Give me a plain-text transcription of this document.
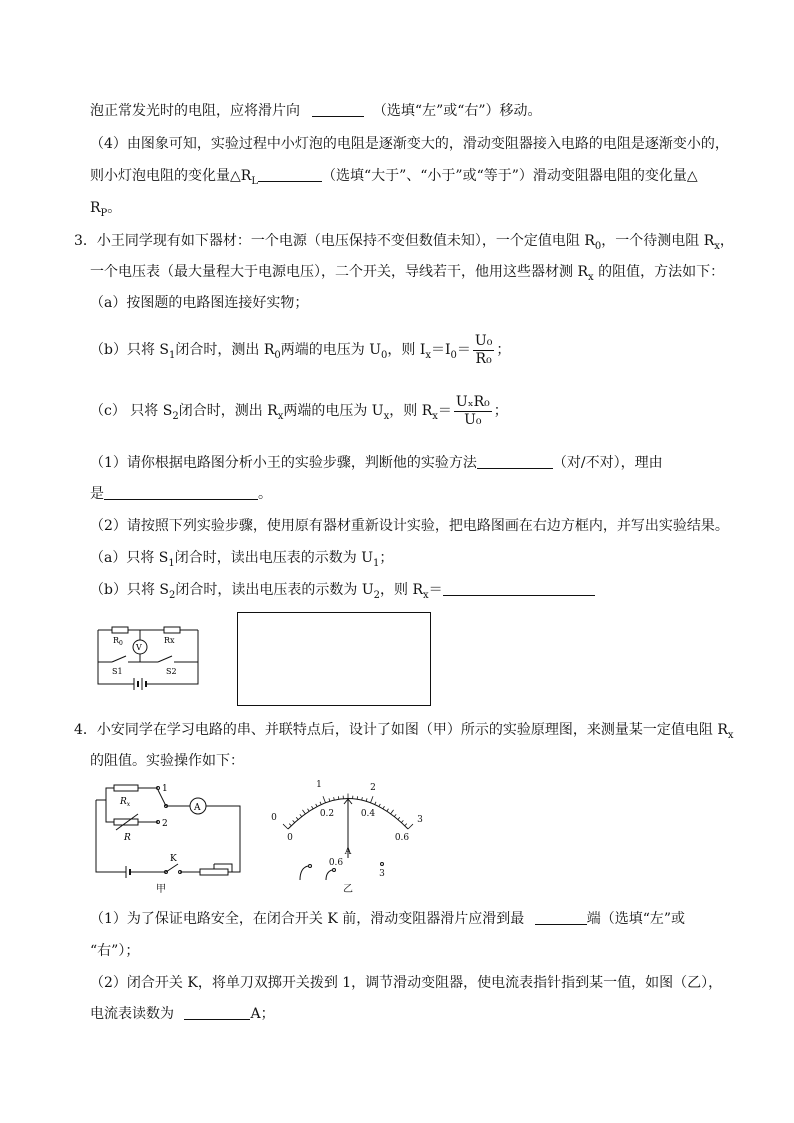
泡正常发光时的电阻，应将滑片向	（选填“左”或“右”）移动。
（4）由图象可知，实验过程中小灯泡的电阻是逐渐变大的，滑动变阻器接入电路的电阻是逐渐变小的，
则小灯泡电阻的变化量$\triangle R_L$	（选填“大于”、“小于”或“等于”）滑动变阻器电阻的变化量△
$R_P$。
3．小王同学现有如下器材：一个电源（电压保持不变但数值未知），一个定值电阻 $R_0$，一个待测电阻 $R_x$，
一个电压表（最大量程大于电源电压），二个开关，导线若干，他用这些器材测 $R_x$ 的阻值，方法如下：
（a）按图题的电路图连接好实物；
（b）只将 $S_1$闭合时，测出 $R_0$两端的电压为 $U_0$，则 $I_x=I_0= \frac{\text{U₀}}{\text{R₀}}$ ；
（c） 只将 $S_2$闭合时，测出 $R_x$两端的电压为 $U_x$，则 $R_x= \frac{\text{UₓR₀}}{\text{U₀}}$ ；
（1）请你根据电路图分析小王的实验步骤，判断他的实验方法	（对/不对），理由
是	。
（2）请按照下列实验步骤，使用原有器材重新设计实验，把电路图画在右边方框内，并写出实验结果。
（a）只将 $S_1$闭合时，读出电压表的示数为 $U_1$；
（b）只将 $S_2$闭合时，读出电压表的示数为 $U_2$，则 $R_x=$
$R_0$	Rx
V
S1	S2
4．小安同学在学习电路的串、并联特点后，设计了如图（甲）所示的实验原理图，来测量某一定值电阻 $R_x$
的阻值。实验操作如下：
$R_x$
R
A
1
2
K
甲
0
1	2
3
0
0.2	0.4
0.6
A
0.6
3
乙
（1）为了保证电路安全，在闭合开关 K 前，滑动变阻器滑片应滑到最	端（选填“左”或
“右”）；
（2）闭合开关 K，将单刀双掷开关拨到 1，调节滑动变阻器，使电流表指针指到某一值，如图（乙），
电流表读数为	A；
